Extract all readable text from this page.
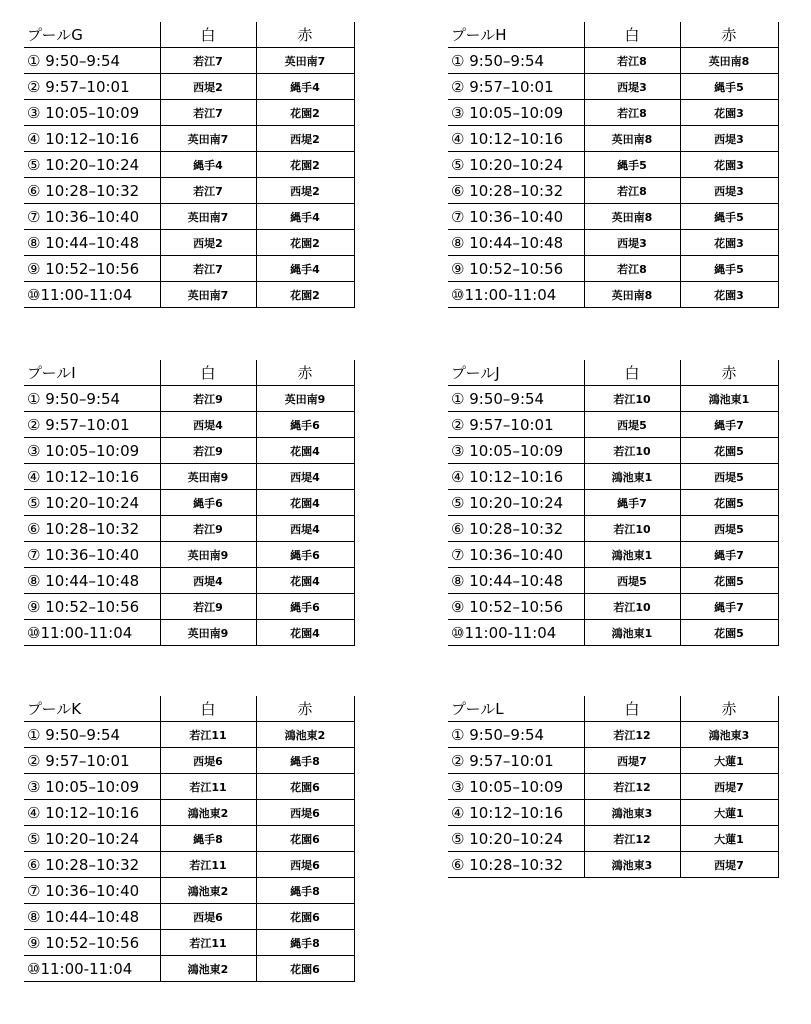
プールG	白	赤
① 9:50–9:54	若江7	英田南7
② 9:57–10:01	西堤2	縄手4
③ 10:05–10:09	若江7	花園2
④ 10:12–10:16	英田南7	西堤2
⑤ 10:20–10:24	縄手4	花園2
⑥ 10:28–10:32	若江7	西堤2
⑦ 10:36–10:40	英田南7	縄手4
⑧ 10:44–10:48	西堤2	花園2
⑨ 10:52–10:56	若江7	縄手4
⑩11:00-11:04	英田南7	花園2
プールH	白	赤
① 9:50–9:54	若江8	英田南8
② 9:57–10:01	西堤3	縄手5
③ 10:05–10:09	若江8	花園3
④ 10:12–10:16	英田南8	西堤3
⑤ 10:20–10:24	縄手5	花園3
⑥ 10:28–10:32	若江8	西堤3
⑦ 10:36–10:40	英田南8	縄手5
⑧ 10:44–10:48	西堤3	花園3
⑨ 10:52–10:56	若江8	縄手5
⑩11:00-11:04	英田南8	花園3
プールI	白	赤
① 9:50–9:54	若江9	英田南9
② 9:57–10:01	西堤4	縄手6
③ 10:05–10:09	若江9	花園4
④ 10:12–10:16	英田南9	西堤4
⑤ 10:20–10:24	縄手6	花園4
⑥ 10:28–10:32	若江9	西堤4
⑦ 10:36–10:40	英田南9	縄手6
⑧ 10:44–10:48	西堤4	花園4
⑨ 10:52–10:56	若江9	縄手6
⑩11:00-11:04	英田南9	花園4
プールJ	白	赤
① 9:50–9:54	若江10	鴻池東1
② 9:57–10:01	西堤5	縄手7
③ 10:05–10:09	若江10	花園5
④ 10:12–10:16	鴻池東1	西堤5
⑤ 10:20–10:24	縄手7	花園5
⑥ 10:28–10:32	若江10	西堤5
⑦ 10:36–10:40	鴻池東1	縄手7
⑧ 10:44–10:48	西堤5	花園5
⑨ 10:52–10:56	若江10	縄手7
⑩11:00-11:04	鴻池東1	花園5
プールK	白	赤
① 9:50–9:54	若江11	鴻池東2
② 9:57–10:01	西堤6	縄手8
③ 10:05–10:09	若江11	花園6
④ 10:12–10:16	鴻池東2	西堤6
⑤ 10:20–10:24	縄手8	花園6
⑥ 10:28–10:32	若江11	西堤6
⑦ 10:36–10:40	鴻池東2	縄手8
⑧ 10:44–10:48	西堤6	花園6
⑨ 10:52–10:56	若江11	縄手8
⑩11:00-11:04	鴻池東2	花園6
プールL	白	赤
① 9:50–9:54	若江12	鴻池東3
② 9:57–10:01	西堤7	大蓮1
③ 10:05–10:09	若江12	西堤7
④ 10:12–10:16	鴻池東3	大蓮1
⑤ 10:20–10:24	若江12	大蓮1
⑥ 10:28–10:32	鴻池東3	西堤7
